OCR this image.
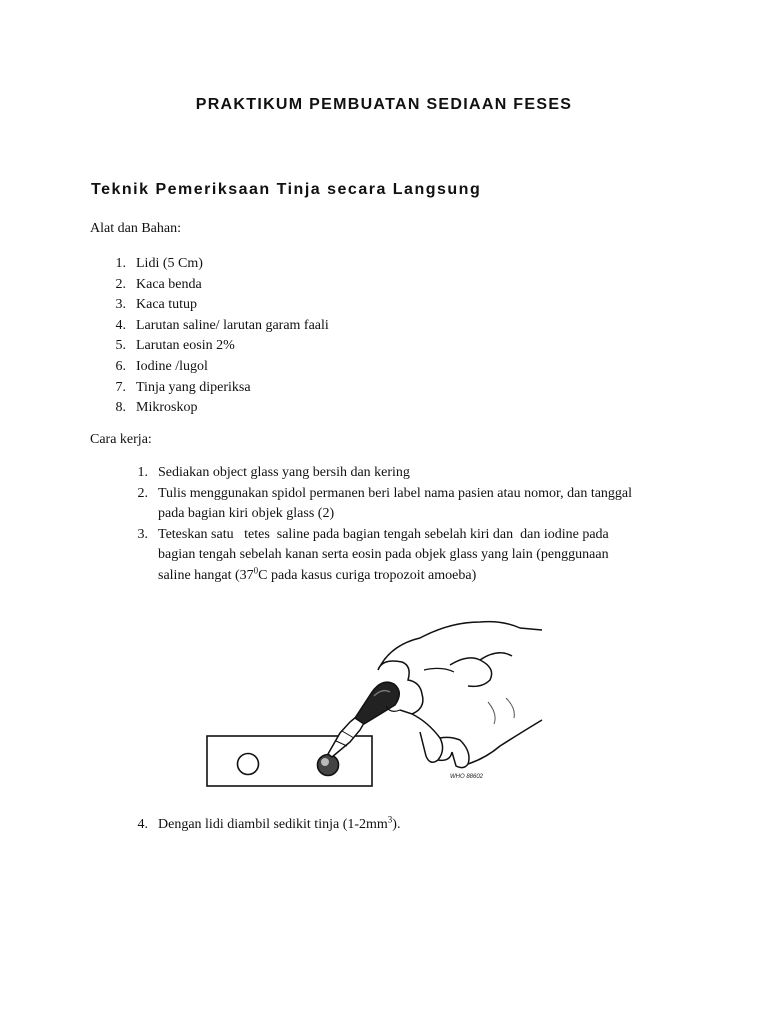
PRAKTIKUM PEMBUATAN SEDIAAN FESES
Teknik Pemeriksaan Tinja secara Langsung
Alat dan Bahan:
1. Lidi (5 Cm)
2. Kaca benda
3. Kaca tutup
4. Larutan saline/ larutan garam faali
5. Larutan eosin 2%
6. Iodine /lugol
7. Tinja yang diperiksa
8. Mikroskop
Cara kerja:
1. Sediakan object glass yang bersih dan kering
2. Tulis menggunakan spidol permanen beri label nama pasien atau nomor, dan tanggal
pada bagian kiri objek glass (2)
3. Teteskan satu   tetes  saline pada bagian tengah sebelah kiri dan  dan iodine pada
bagian tengah sebelah kanan serta eosin pada objek glass yang lain (penggunaan
saline hangat ($37^0C$ pada kasus curiga tropozoit amoeba)
WHO 88602
4. Dengan lidi diambil sedikit tinja $(1-2mm^3)$.
